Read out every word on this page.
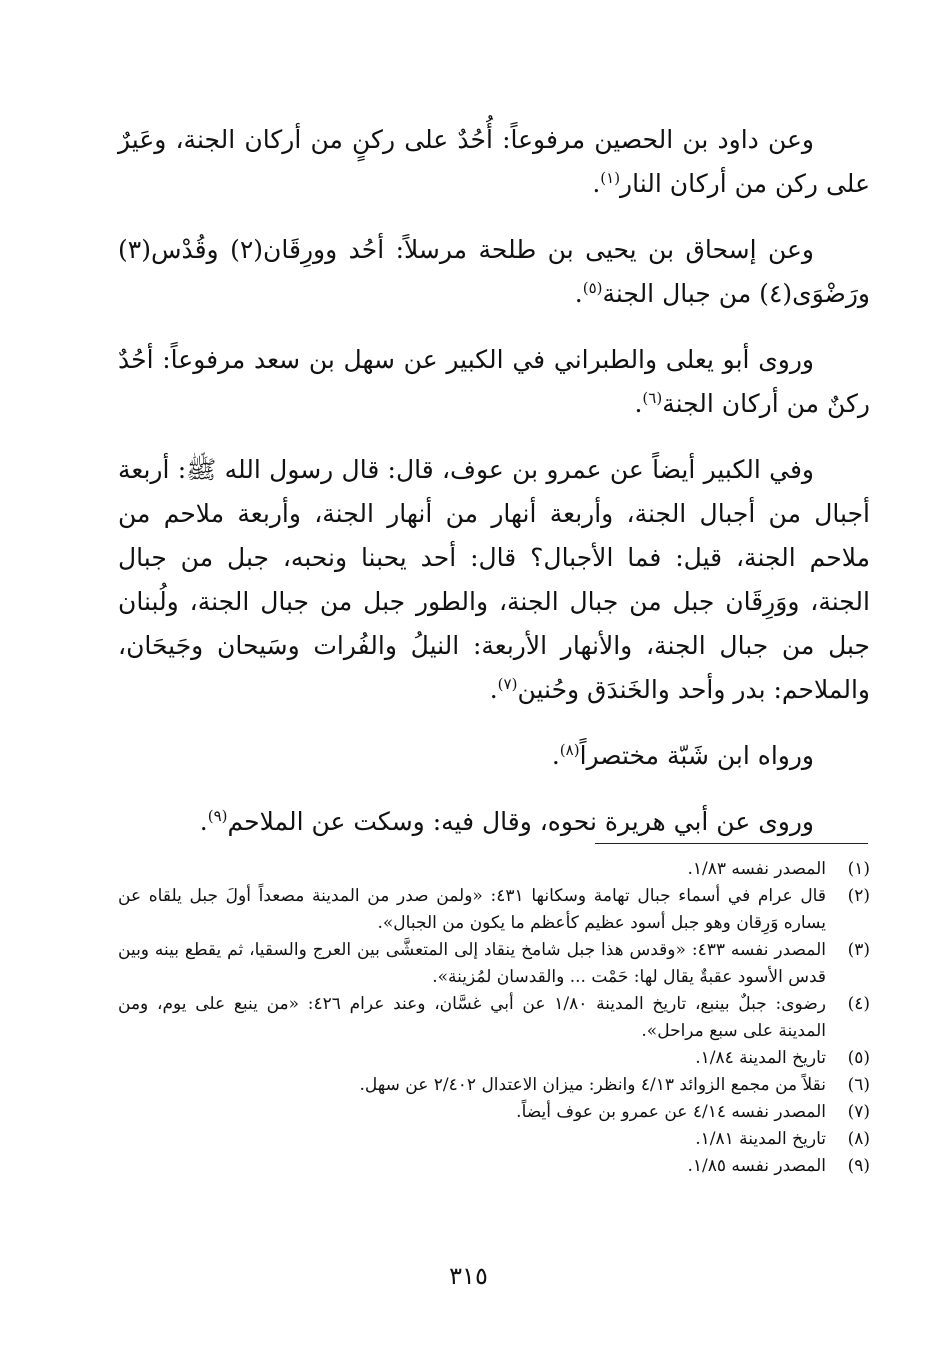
وعن داود بن الحصين مرفوعاً: أُحُدٌ على ركنٍ من أركان الجنة، وعَيرٌ على ركن من أركان النار$^{(١)}$.

وعن إسحاق بن يحيى بن طلحة مرسلاً: أحُد وورِقَان(٢) وقُدْس(٣) ورَضْوَى(٤) من جبال الجنة$^{(٥)}$.

وروى أبو يعلى والطبراني في الكبير عن سهل بن سعد مرفوعاً: أحُدٌ ركنٌ من أركان الجنة$^{(٦)}$.

وفي الكبير أيضاً عن عمرو بن عوف، قال: قال رسول الله ﷺ: أربعة أجبال من أجبال الجنة، وأربعة أنهار من أنهار الجنة، وأربعة ملاحم من ملاحم الجنة، قيل: فما الأجبال؟ قال: أحد يحبنا ونحبه، جبل من جبال الجنة، ووَرِقَان جبل من جبال الجنة، والطور جبل من جبال الجنة، ولُبنان جبل من جبال الجنة، والأنهار الأربعة: النيلُ والفُرات وسَيحان وجَيحَان، والملاحم: بدر وأحد والخَندَق وحُنين$^{(٧)}$.

ورواه ابن شَبّة مختصراً$^{(٨)}$.

وروى عن أبي هريرة نحوه، وقال فيه: وسكت عن الملاحم$^{(٩)}$.

(١)
المصدر نفسه ١/٨٣.
(٢)
قال عرام في أسماء جبال تهامة وسكانها ٤٣١: «ولمن صدر من المدينة مصعداً أولَ جبل يلقاه عن يساره وَرِقان وهو جبل أسود عظيم كأعظم ما يكون من الجبال».
(٣)
المصدر نفسه ٤٣٣: «وقدس هذا جبل شامخ ينقاد إلى المتعشَّى بين العرج والسقيا، ثم يقطع بينه وبين قدس الأسود عقبةٌ يقال لها: حَمْت ... والقدسان لمُزينة».
(٤)
رضوى: جبلٌ بينبع، تاريخ المدينة ١/٨٠ عن أبي غسَّان، وعند عرام ٤٢٦: «من ينبع على يوم، ومن المدينة على سبع مراحل».
(٥)
تاريخ المدينة ١/٨٤.
(٦)
نقلاً من مجمع الزوائد ٤/١٣ وانظر: ميزان الاعتدال ٢/٤٠٢ عن سهل.
(٧)
المصدر نفسه ٤/١٤ عن عمرو بن عوف أيضاً.
(٨)
تاريخ المدينة ١/٨١.
(٩)
المصدر نفسه ١/٨٥.
٣١٥
